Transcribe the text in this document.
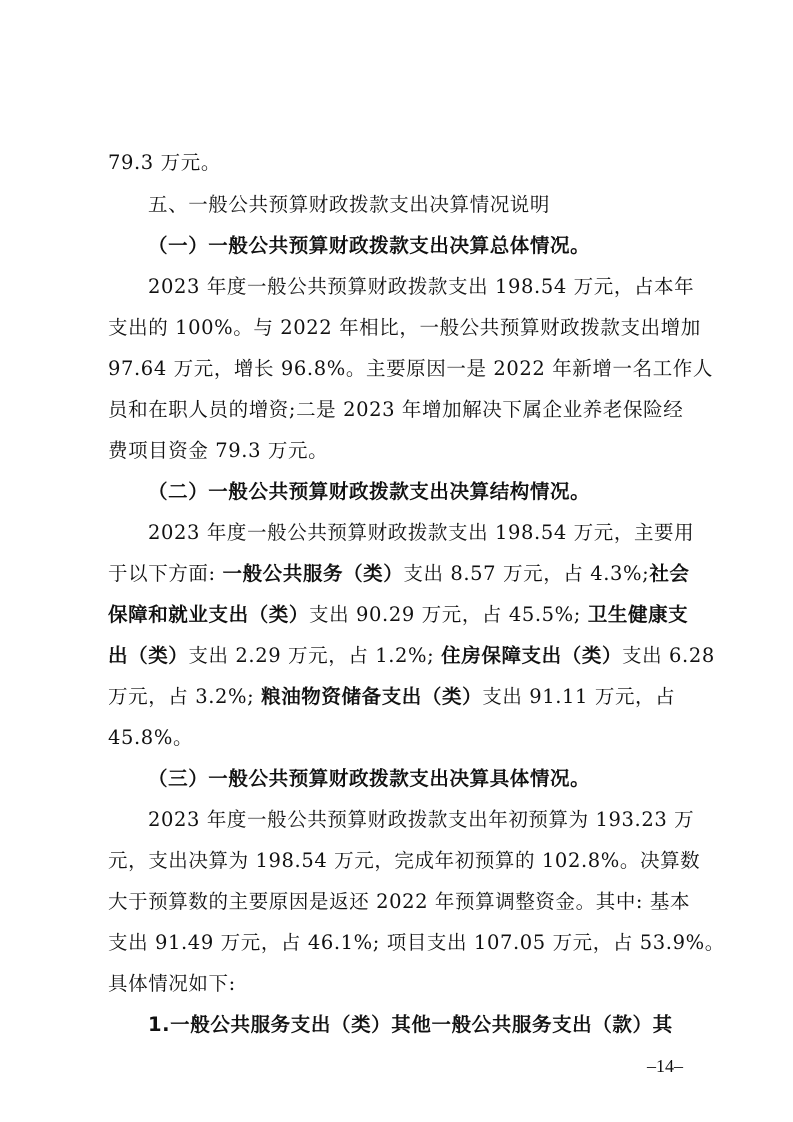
79.3 万元。
五、一般公共预算财政拨款支出决算情况说明
（一）一般公共预算财政拨款支出决算总体情况。
2023 年度一般公共预算财政拨款支出 198.54 万元，占本年
支出的 100%。与 2022 年相比，一般公共预算财政拨款支出增加
97.64 万元，增长 96.8%。主要原因一是 2022 年新增一名工作人
员和在职人员的增资;二是 2023 年增加解决下属企业养老保险经
费项目资金 79.3 万元。
（二）一般公共预算财政拨款支出决算结构情况。
2023 年度一般公共预算财政拨款支出 198.54 万元，主要用
于以下方面: 一般公共服务（类）支出 8.57 万元，占 4.3%;社会
保障和就业支出（类）支出 90.29 万元，占 45.5%; 卫生健康支
出（类）支出 2.29 万元，占 1.2%; 住房保障支出（类）支出 6.28
万元，占 3.2%; 粮油物资储备支出（类）支出 91.11 万元，占
45.8%。
（三）一般公共预算财政拨款支出决算具体情况。
2023 年度一般公共预算财政拨款支出年初预算为 193.23 万
元，支出决算为 198.54 万元，完成年初预算的 102.8%。决算数
大于预算数的主要原因是返还 2022 年预算调整资金。其中: 基本
支出 91.49 万元，占 46.1%; 项目支出 107.05 万元，占 53.9%。
具体情况如下:
1.一般公共服务支出（类）其他一般公共服务支出（款）其
–14–
